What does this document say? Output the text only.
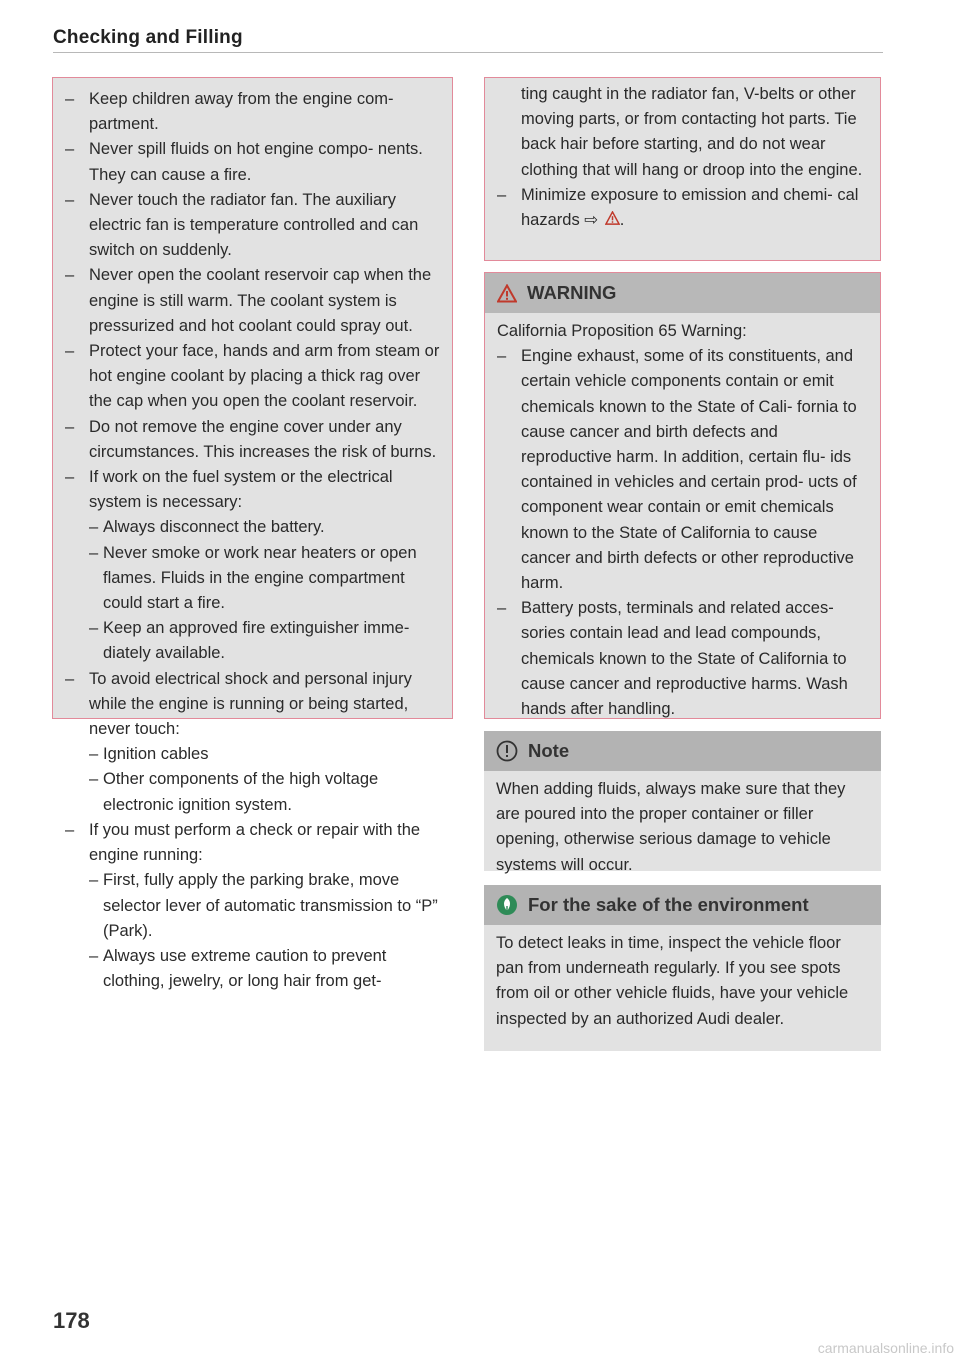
Checking and Filling
– Keep children away from the engine com- partment.
– Never spill fluids on hot engine compo- nents. They can cause a fire.
– Never touch the radiator fan. The auxiliary electric fan is temperature controlled and can switch on suddenly.
– Never open the coolant reservoir cap when the engine is still warm. The coolant system is pressurized and hot coolant could spray out.
– Protect your face, hands and arm from steam or hot engine coolant by placing a thick rag over the cap when you open the coolant reservoir.
– Do not remove the engine cover under any circumstances. This increases the risk of burns.
– If work on the fuel system or the electrical system is necessary:
– Always disconnect the battery.
– Never smoke or work near heaters or open flames. Fluids in the engine compartment could start a fire.
– Keep an approved fire extinguisher imme- diately available.
– To avoid electrical shock and personal injury while the engine is running or being started, never touch:
– Ignition cables
– Other components of the high voltage electronic ignition system.
– If you must perform a check or repair with the engine running:
– First, fully apply the parking brake, move selector lever of automatic transmission to “P” (Park).
– Always use extreme caution to prevent clothing, jewelry, or long hair from get-
ting caught in the radiator fan, V-belts or other moving parts, or from contacting hot parts. Tie back hair before starting, and do not wear clothing that will hang or droop into the engine.
– Minimize exposure to emission and chemi- cal hazards ⇨ .
WARNING
California Proposition 65 Warning:
– Engine exhaust, some of its constituents, and certain vehicle components contain or emit chemicals known to the State of Cali- fornia to cause cancer and birth defects and reproductive harm. In addition, certain flu- ids contained in vehicles and certain prod- ucts of component wear contain or emit chemicals known to the State of California to cause cancer and birth defects or other reproductive harm.
– Battery posts, terminals and related acces- sories contain lead and lead compounds, chemicals known to the State of California to cause cancer and reproductive harms. Wash hands after handling.
Note
When adding fluids, always make sure that they are poured into the proper container or filler opening, otherwise serious damage to vehicle systems will occur.
For the sake of the environment
To detect leaks in time, inspect the vehicle floor pan from underneath regularly. If you see spots from oil or other vehicle fluids, have your vehicle inspected by an authorized Audi dealer.
178
carmanualsonline.info
